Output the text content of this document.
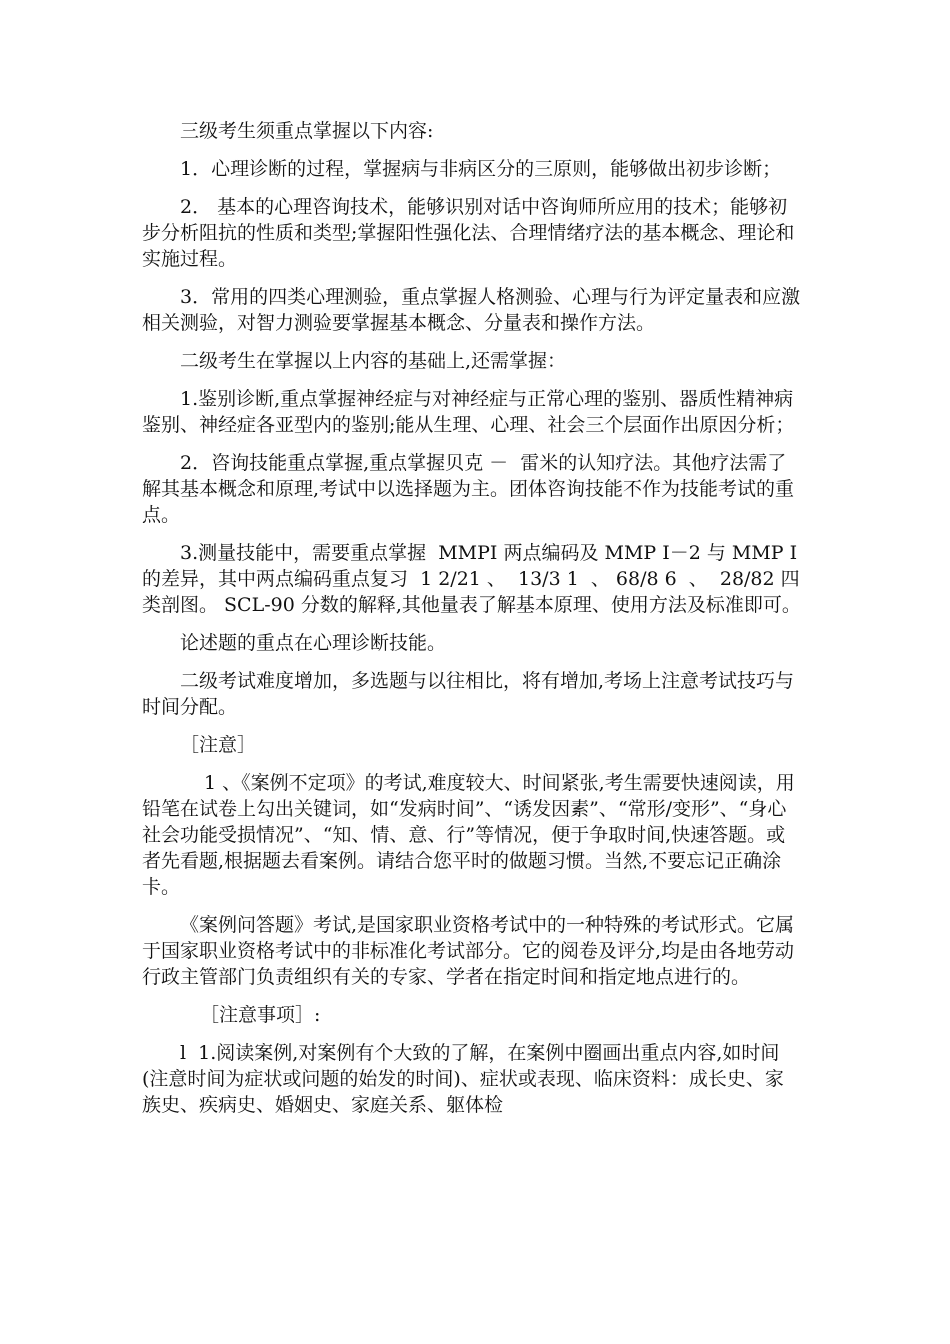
三级考生须重点掌握以下内容:

1．心理诊断的过程，掌握病与非病区分的三原则，能够做出初步诊断；

2． 基本的心理咨询技术，能够识别对话中咨询师所应用的技术；能够初步分析阻抗的性质和类型;掌握阳性强化法、合理情绪疗法的基本概念、理论和实施过程。

3．常用的四类心理测验，重点掌握人格测验、心理与行为评定量表和应激相关测验，对智力测验要掌握基本概念、分量表和操作方法。

二级考生在掌握以上内容的基础上,还需掌握：

1.鉴别诊断,重点掌握神经症与对神经症与正常心理的鉴别、器质性精神病鉴别、神经症各亚型内的鉴别;能从生理、心理、社会三个层面作出原因分析；

2．咨询技能重点掌握,重点掌握贝克 －  雷米的认知疗法。其他疗法需了解其基本概念和原理,考试中以选择题为主。团体咨询技能不作为技能考试的重点。

3.测量技能中，需要重点掌握  MMPI 两点编码及 MMP Ⅰ－2 与 MMP Ⅰ 的差异，其中两点编码重点复习  1 2/21 、  13/3 1  、 68/8 6  、  28/82 四类剖图。 SCL-90 分数的解释,其他量表了解基本原理、使用方法及标准即可。

论述题的重点在心理诊断技能。

二级考试难度增加，多选题与以往相比，将有增加,考场上注意考试技巧与时间分配。

［注意］

1 、《案例不定项》的考试,难度较大、时间紧张,考生需要快速阅读，用铅笔在试卷上勾出关键词，如“发病时间”、“诱发因素”、“常形/变形”、“身心社会功能受损情况”、“知、情、意、行”等情况，便于争取时间,快速答题。或者先看题,根据题去看案例。请结合您平时的做题习惯。当然,不要忘记正确涂卡。

《案例问答题》考试,是国家职业资格考试中的一种特殊的考试形式。它属于国家职业资格考试中的非标准化考试部分。它的阅卷及评分,均是由各地劳动行政主管部门负责组织有关的专家、学者在指定时间和指定地点进行的。

［注意事项］:

l  1.阅读案例,对案例有个大致的了解，在案例中圈画出重点内容,如时间(注意时间为症状或问题的始发的时间)、症状或表现、临床资料：成长史、家族史、疾病史、婚姻史、家庭关系、躯体检
